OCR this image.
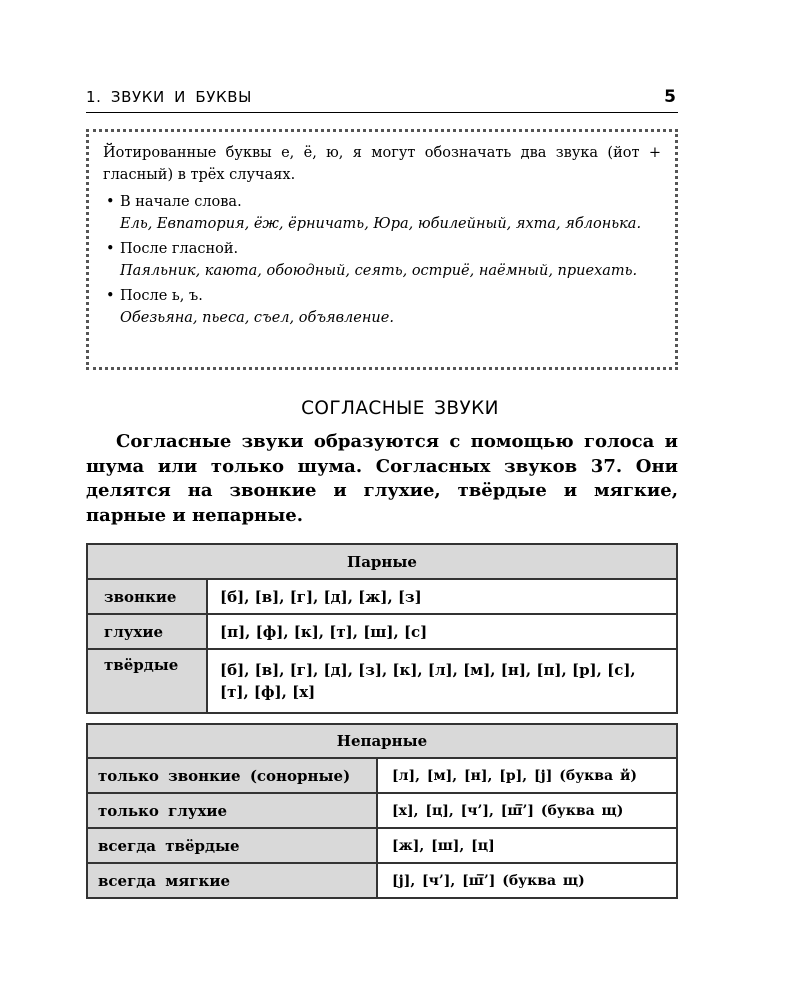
1. ЗВУКИ И БУКВЫ	5

Йотированные буквы е, ё, ю, я могут обозначать два звука (йот + гласный) в трёх случаях.

• В начале слова.
Ель, Евпатория, ёж, ёрничать, Юра, юбилейный, яхта, яблонька.
• После гласной.
Паяльник, каюта, обоюдный, сеять, остриё, наёмный, приехать.
• После ь, ъ.
Обезьяна, пьеса, съел, объявление.
СОГЛАСНЫЕ ЗВУКИ

Согласные звуки образуются с помощью голоса и шума или только шума. Согласных звуков 37. Они делятся на звонкие и глухие, твёрдые и мягкие, парные и непарные.

Парные	
звонкие	[б], [в], [г], [д], [ж], [з]
глухие	[п], [ф], [к], [т], [ш], [с]
твёрдые	[б], [в], [г], [д], [з], [к], [л], [м], [н], [п], [р], [с], [т], [ф], [х]
Непарные	
только звонкие (сонорные)	[л], [м], [н], [р], [j] (буква й)
только глухие	[х], [ц], [ч’], [ш̅’] (буква щ)
всегда твёрдые	[ж], [ш], [ц]
всегда мягкие	[j], [ч’], [ш̅’] (буква щ)
